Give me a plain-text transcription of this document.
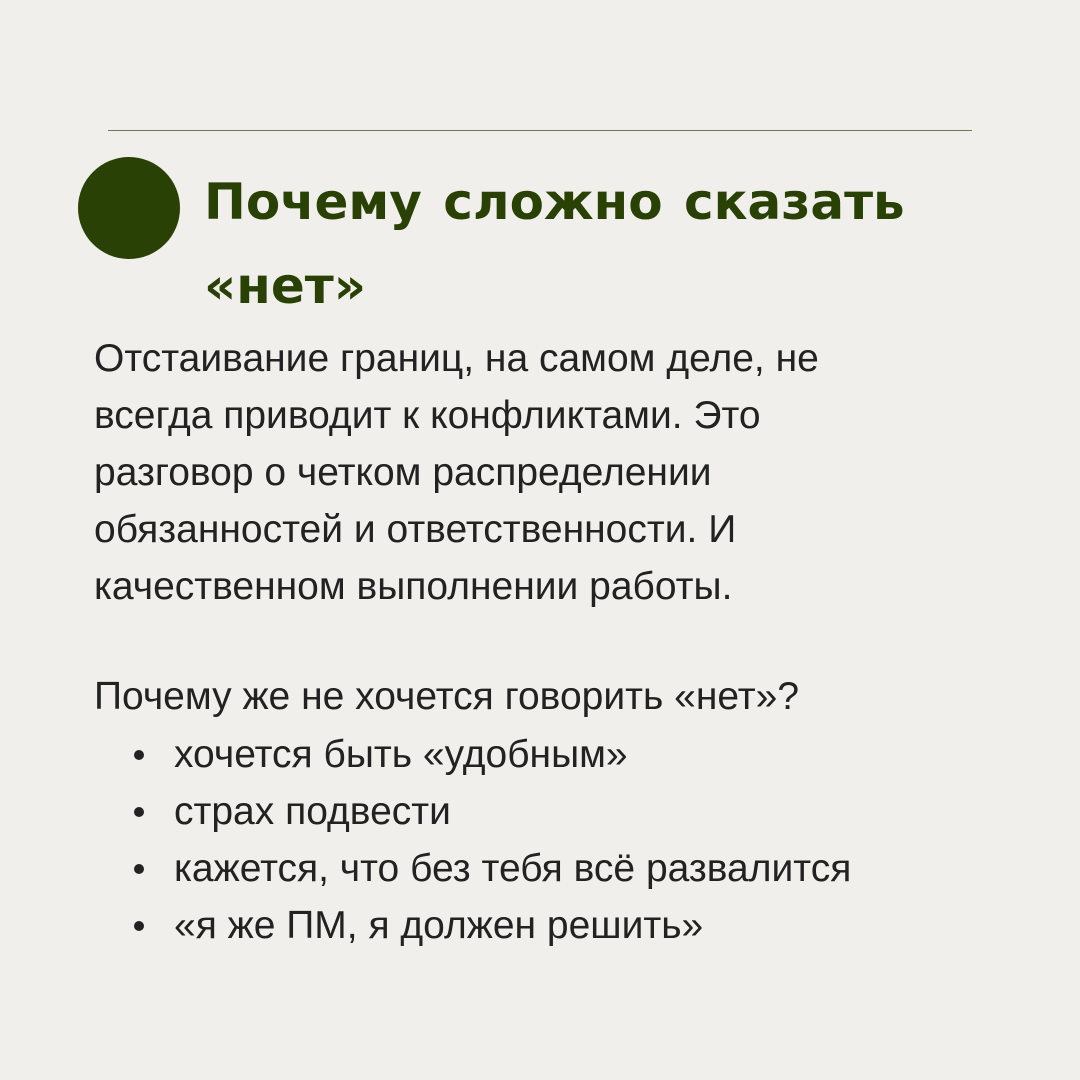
Почему сложно сказать
«нет»
Отстаивание границ, на самом деле, не
всегда приводит к конфликтами. Это
разговор о четком распределении
обязанностей и ответственности. И
качественном выполнении работы.
Почему же не хочется говорить «нет»?
хочется быть «удобным»
страх подвести
кажется, что без тебя всё развалится
«я же ПМ, я должен решить»
